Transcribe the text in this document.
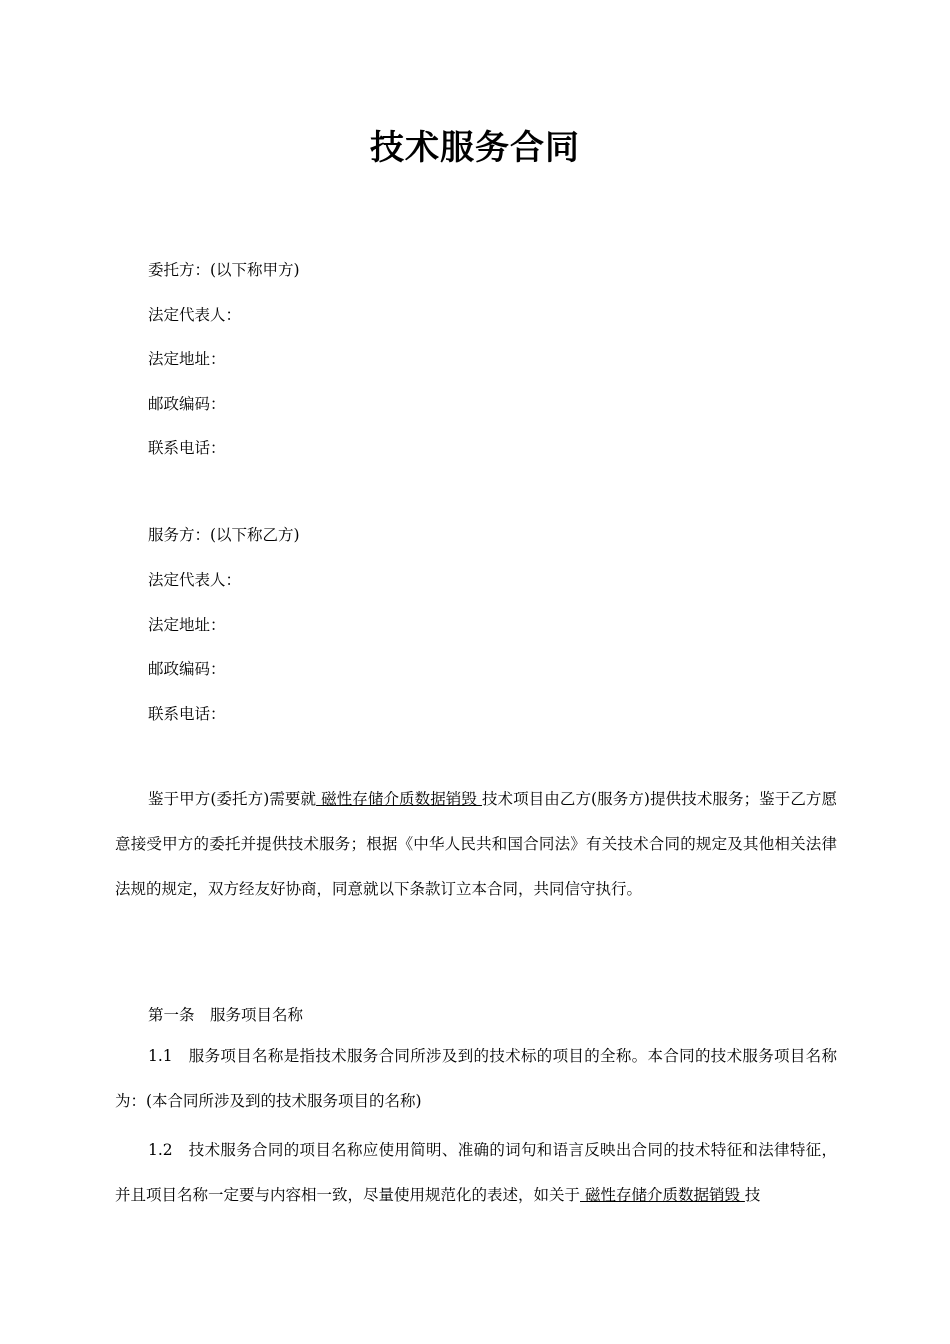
技术服务合同
委托方：(以下称甲方)
法定代表人：
法定地址：
邮政编码：
联系电话：
服务方：(以下称乙方)
法定代表人：
法定地址：
邮政编码：
联系电话：

鉴于甲方(委托方)需要就 磁性存储介质数据销毁 技术项目由乙方(服务方)提供技术服务；鉴于乙方愿意接受甲方的委托并提供技术服务；根据《中华人民共和国合同法》有关技术合同的规定及其他相关法律法规的规定，双方经友好协商，同意就以下条款订立本合同，共同信守执行。

第一条　服务项目名称

1.1　服务项目名称是指技术服务合同所涉及到的技术标的项目的全称。本合同的技术服务项目名称为：(本合同所涉及到的技术服务项目的名称)

1.2　技术服务合同的项目名称应使用简明、准确的词句和语言反映出合同的技术特征和法律特征，并且项目名称一定要与内容相一致，尽量使用规范化的表述，如关于 磁性存储介质数据销毁 技
